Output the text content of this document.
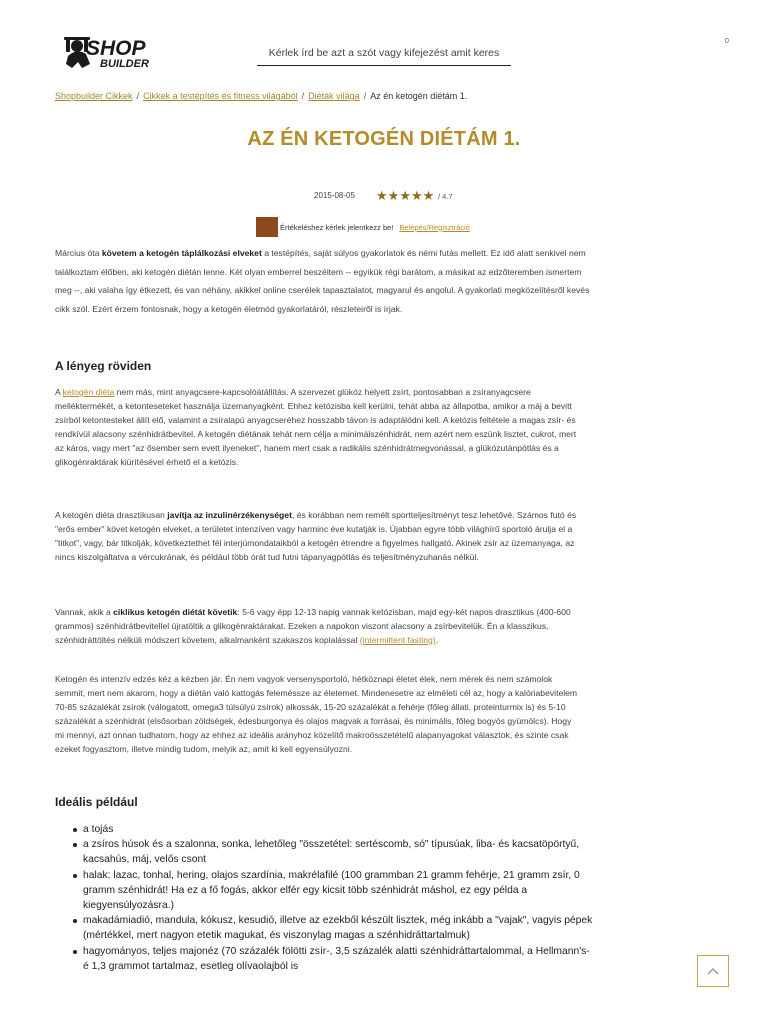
SHOP
BUILDER
Kérlek írd be azt a szót vagy kifejezést amit keres
0
Shopbuilder Cikkek / Cikkek a testépítés és fitness világából / Diéták világa / Az én ketogén diétám 1.
AZ ÉN KETOGÉN DIÉTÁM 1.
2015-08-05 ★ ★ ★ ★ ★ / 4.7
Értékeléshez kérlek jelentkezz be! Belépés/Regisztráció
Március óta követem a ketogén táplálkozási elveket a testépítés, saját súlyos gyakorlatok és némi futás mellett. Ez idő alatt senkivel nem találkoztam élőben, aki ketogén diétán lenne. Két olyan emberrel beszéltem -- egyikük régi barátom, a másikat az edzőteremben ismertem meg --, aki valaha így étkezett, és van néhány, akikkel online cserélek tapasztalatot, magyarul és angolul. A gyakorlati megközelítésről kevés cikk szól. Ezért érzem fontosnak, hogy a ketogén életmód gyakorlatáról, részleteiről is írjak.
A lényeg röviden

A ketogén diéta nem más, mint anyagcsere-kapcsolóátállítás. A szervezet glükóz helyett zsírt, pontosabban a zsíranyagcsere melléktermékét, a ketonteseteket használja üzemanyagként. Ehhez ketózisba kell kerülni, tehát abba az állapotba, amikor a máj a bevitt zsírból ketontesteket állít elő, valamint a zsíralapú anyagcseréhez hosszabb távon is adaptálódni kell. A ketózis feltétele a magas zsír- és rendkívül alacsony szénhidrátbevitel. A ketogén diétának tehát nem célja a minimálszénhidrát, nem azért nem eszünk lisztet, cukrot, mert az káros, vagy mert "az ősember sem evett ilyeneket", hanem mert csak a radikális szénhidrátmegvonással, a glükózutánpótlás és a glikogénraktárak kiürítésével érhető el a ketózis.

A ketogén diéta drasztikusan javítja az inzulinérzékenységet, és korábban nem remélt sportteljesítményt tesz lehetővé. Számos futó és "erős ember" követ ketogén elveket, a területet intenzíven vagy harminc éve kutatják is. Újabban egyre több világhírű sportoló árulja el a "titkot", vagy, bár titkolják, következtethet fél interjúmondataikból a ketogén étrendre a figyelmes hallgató. Akinek zsír az üzemanyaga, az nincs kiszolgáltatva a vércukrának, és például több órát tud futni tápanyagpótlás és teljesítményzuhanás nélkül.

Vannak, akik a ciklikus ketogén diétát követik: 5-6 vagy épp 12-13 napig vannak ketózisban, majd egy-két napos drasztikus (400-600 grammos) szénhidrátbevitellel újratöltik a glikogénraktárakat. Ezeken a napokon viszont alacsony a zsírbevitelük. Én a klasszikus, szénhidráttöltés nélküli módszert követem, alkalmanként szakaszos koplalással (intermittent fasting).

Ketogén és intenzív edzés kéz a kézben jár. Én nem vagyok versenysportoló, hétköznapi életet élek, nem mérek és nem számolok semmit, mert nem akarom, hogy a diétán való kattogás felemésszе az életemet. Mindenesetre az elméleti cél az, hogy a kalóriabevitelem 70-85 százalékát zsírok (válogatott, omega3 túlsúlyú zsírok) alkossák, 15-20 százalékát a fehérje (főleg állati, proteinturmix is) és 5-10 százalékát a szénhidrát (elsősorban zöldségek, édesburgonya és olajos magvak a forrásai, és minimális, főleg bogyós gyümölcs). Hogy mi mennyi, azt onnan tudhatom, hogy az ehhez az ideális arányhoz közelítő makroösszetételű alapanyagokat választok, és szinte csak ezeket fogyasztom, illetve mindig tudom, melyik az, amit ki kell egyensúlyozni.

Ideális például
a tojás
a zsíros húsok és a szalonna, sonka, lehetőleg "összetétel: sertéscomb, só" típusúak, liba- és kacsatöpörtyű, kacsahús, máj, velős csont
halak: lazac, tonhal, hering, olajos szardínia, makrélafilé (100 grammban 21 gramm fehérje, 21 gramm zsír, 0 gramm szénhidrát! Ha ez a fő fogás, akkor elfér egy kicsit több szénhidrát máshol, ez egy példa a kiegyensúlyozásra.)
makadámiadió, mandula, kókusz, kesudió, illetve az ezekből készült lisztek, még inkább a "vajak", vagyis pépek (mértékkel, mert nagyon etetik magukat, és viszonylag magas a szénhidráttartalmuk)
hagyományos, teljes majonéz (70 százalék fölötti zsír-, 3,5 százalék alatti szénhidráttartalommal, a Hellmann's-é 1,3 grammot tartalmaz, esetleg olívaolajból is
